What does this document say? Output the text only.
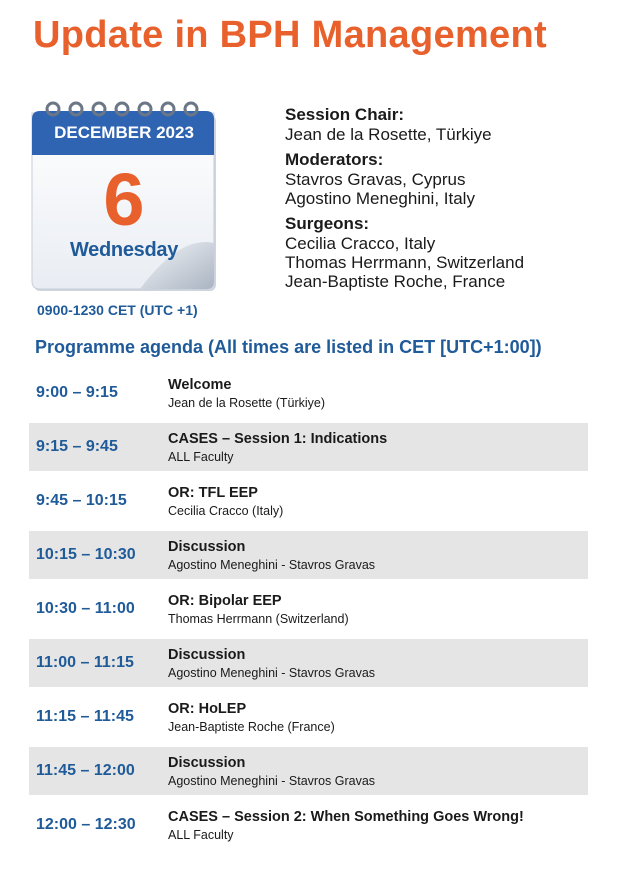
Update in BPH Management
DECEMBER 2023
6
Wednesday
0900-1230 CET (UTC +1)
Session Chair:
Jean de la Rosette, Türkiye
Moderators:
Stavros Gravas, Cyprus
Agostino Meneghini, Italy
Surgeons:
Cecilia Cracco, Italy
Thomas Herrmann, Switzerland
Jean-Baptiste Roche, France
Programme agenda (All times are listed in CET [UTC+1:00])
9:00 – 9:15	Welcome
Jean de la Rosette (Türkiye)
9:15 – 9:45	CASES – Session 1: Indications
ALL Faculty
9:45 – 10:15	OR: TFL EEP
Cecilia Cracco (Italy)
10:15 – 10:30 Discussion
Agostino Meneghini - Stavros Gravas
10:30 – 11:00 OR: Bipolar EEP
Thomas Herrmann (Switzerland)
11:00 – 11:15 Discussion
Agostino Meneghini - Stavros Gravas
11:15 – 11:45 OR: HoLEP
Jean-Baptiste Roche (France)
11:45 – 12:00 Discussion
Agostino Meneghini - Stavros Gravas
12:00 – 12:30 CASES – Session 2: When Something Goes Wrong!
ALL Faculty
